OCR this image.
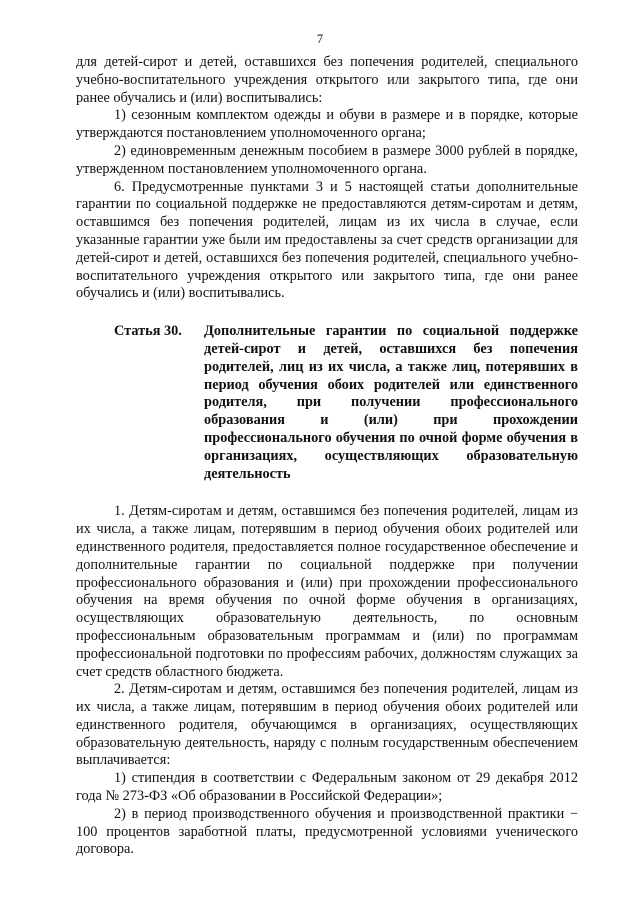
7

для детей-сирот и детей, оставшихся без попечения родителей, специального учебно-воспитательного учреждения открытого или закрытого типа, где они ранее обучались и (или) воспитывались:

1) сезонным комплектом одежды и обуви в размере и в порядке, которые утверждаются постановлением уполномоченного органа;

2) единовременным денежным пособием в размере 3000 рублей в порядке, утвержденном постановлением уполномоченного органа.

6. Предусмотренные пунктами 3 и 5 настоящей статьи дополнительные гарантии по социальной поддержке не предоставляются детям-сиротам и детям, оставшимся без попечения родителей, лицам из их числа в случае, если указанные гарантии уже были им предоставлены за счет средств организации для детей-сирот и детей, оставшихся без попечения родителей, специального учебно-воспитательного учреждения открытого или закрытого типа, где они ранее обучались и (или) воспитывались.

Статья 30.	Дополнительные гарантии по социальной поддержке детей-сирот и детей, оставшихся без попечения родителей, лиц из их числа, а также лиц, потерявших в период обучения обоих родителей или единственного родителя, при получении профессионального образования и (или) при прохождении профессионального обучения по очной форме обучения в организациях, осуществляющих образовательную деятельность

1. Детям-сиротам и детям, оставшимся без попечения родителей, лицам из их числа, а также лицам, потерявшим в период обучения обоих родителей или единственного родителя, предоставляется полное государственное обеспечение и дополнительные гарантии по социальной поддержке при получении профессионального образования и (или) при прохождении профессионального обучения на время обучения по очной форме обучения в организациях, осуществляющих образовательную деятельность, по основным профессиональным образовательным программам и (или) по программам профессиональной подготовки по профессиям рабочих, должностям служащих за счет средств областного бюджета.

2. Детям-сиротам и детям, оставшимся без попечения родителей, лицам из их числа, а также лицам, потерявшим в период обучения обоих родителей или единственного родителя, обучающимся в организациях, осуществляющих образовательную деятельность, наряду с полным государственным обеспечением выплачивается:

1) стипендия в соответствии с Федеральным законом от 29 декабря 2012 года № 273-ФЗ «Об образовании в Российской Федерации»;

2) в период производственного обучения и производственной практики − 100 процентов заработной платы, предусмотренной условиями ученического договора.
